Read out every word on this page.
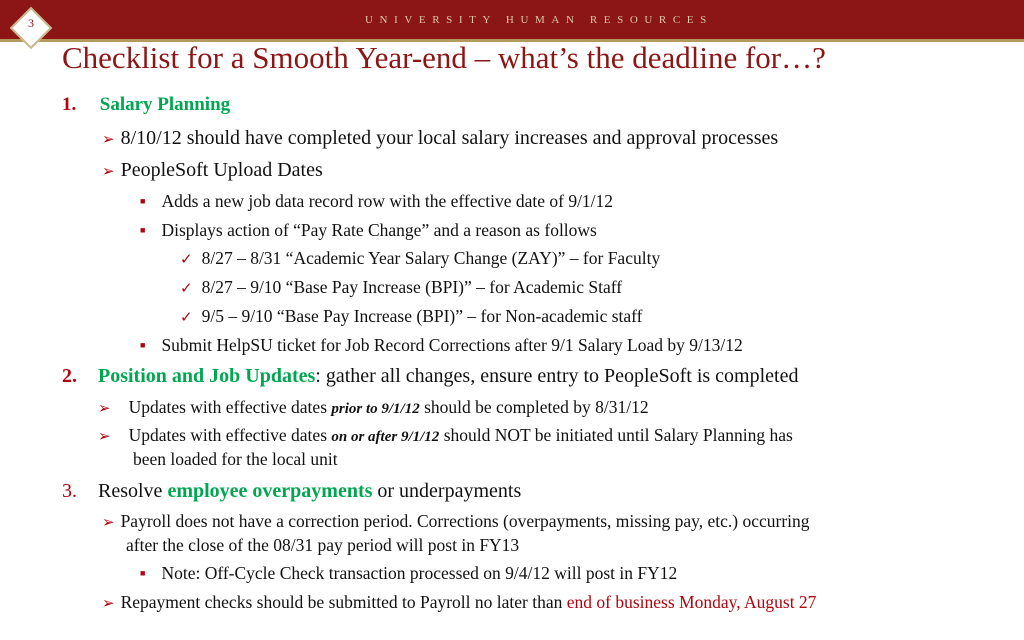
UNIVERSITY HUMAN RESOURCES
3
Checklist for a Smooth Year-end – what’s the deadline for…?
1. Salary Planning
➢ 8/10/12 should have completed your local salary increases and approval processes
➢ PeopleSoft Upload Dates
■ Adds a new job data record row with the effective date of 9/1/12
■ Displays action of “Pay Rate Change” and a reason as follows
✓ 8/27 – 8/31 “Academic Year Salary Change (ZAY)” – for Faculty
✓ 8/27 – 9/10 “Base Pay Increase (BPI)” – for Academic Staff
✓ 9/5 – 9/10 “Base Pay Increase (BPI)” – for Non-academic staff
■ Submit HelpSU ticket for Job Record Corrections after 9/1 Salary Load by 9/13/12
2. Position and Job Updates: gather all changes, ensure entry to PeopleSoft is completed
➢ Updates with effective dates prior to 9/1/12 should be completed by 8/31/12
➢ Updates with effective dates on or after 9/1/12 should NOT be initiated until Salary Planning has
been loaded for the local unit
3. Resolve employee overpayments or underpayments
➢ Payroll does not have a correction period. Corrections (overpayments, missing pay, etc.) occurring
after the close of the 08/31 pay period will post in FY13
■ Note: Off-Cycle Check transaction processed on 9/4/12 will post in FY12
➢ Repayment checks should be submitted to Payroll no later than end of business Monday, August 27
